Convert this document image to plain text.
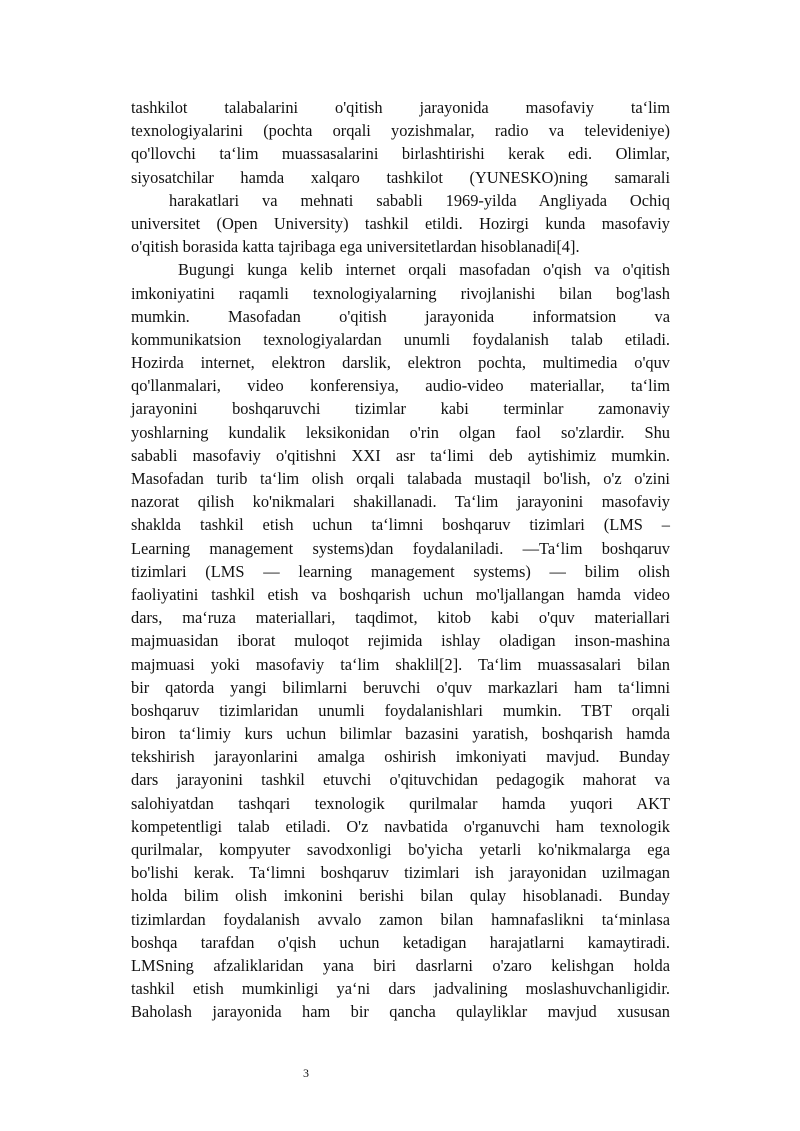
tashkilot talabalarini o'qitish jarayonida masofaviy ta‘lim
texnologiyalarini (pochta orqali yozishmalar, radio va televideniye)
qo'llovchi ta‘lim muassasalarini birlashtirishi kerak edi. Olimlar,
siyosatchilar hamda xalqaro tashkilot (YUNESKO)ning samarali
harakatlari va mehnati sababli 1969-yilda Angliyada Ochiq
universitet (Open University) tashkil etildi. Hozirgi kunda masofaviy
o'qitish borasida katta tajribaga ega universitetlardan hisoblanadi[4].
Bugungi kunga kelib internet orqali masofadan o'qish va o'qitish
imkoniyatini raqamli texnologiyalarning rivojlanishi bilan bog'lash
mumkin. Masofadan o'qitish jarayonida informatsion va
kommunikatsion texnologiyalardan unumli foydalanish talab etiladi.
Hozirda internet, elektron darslik, elektron pochta, multimedia o'quv
qo'llanmalari, video konferensiya, audio-video materiallar, ta‘lim
jarayonini boshqaruvchi tizimlar kabi terminlar zamonaviy
yoshlarning kundalik leksikonidan o'rin olgan faol so'zlardir. Shu
sababli masofaviy o'qitishni XXI asr ta‘limi deb aytishimiz mumkin.
Masofadan turib ta‘lim olish orqali talabada mustaqil bo'lish, o'z o'zini
nazorat qilish ko'nikmalari shakillanadi. Ta‘lim jarayonini masofaviy
shaklda tashkil etish uchun ta‘limni boshqaruv tizimlari (LMS –
Learning management systems)dan foydalaniladi. ―Ta‘lim boshqaruv
tizimlari (LMS — learning management systems) — bilim olish
faoliyatini tashkil etish va boshqarish uchun mo'ljallangan hamda video
dars, ma‘ruza materiallari, taqdimot, kitob kabi o'quv materiallari
majmuasidan iborat muloqot rejimida ishlay oladigan inson-mashina
majmuasi yoki masofaviy ta‘lim shaklil[2]. Ta‘lim muassasalari bilan
bir qatorda yangi bilimlarni beruvchi o'quv markazlari ham ta‘limni
boshqaruv tizimlaridan unumli foydalanishlari mumkin. TBT orqali
biron ta‘limiy kurs uchun bilimlar bazasini yaratish, boshqarish hamda
tekshirish jarayonlarini amalga oshirish imkoniyati mavjud. Bunday
dars jarayonini tashkil etuvchi o'qituvchidan pedagogik mahorat va
salohiyatdan tashqari texnologik qurilmalar hamda yuqori AKT
kompetentligi talab etiladi. O'z navbatida o'rganuvchi ham texnologik
qurilmalar, kompyuter savodxonligi bo'yicha yetarli ko'nikmalarga ega
bo'lishi kerak. Ta‘limni boshqaruv tizimlari ish jarayonidan uzilmagan
holda bilim olish imkonini berishi bilan qulay hisoblanadi. Bunday
tizimlardan foydalanish avvalo zamon bilan hamnafaslikni ta‘minlasa
boshqa tarafdan o'qish uchun ketadigan harajatlarni kamaytiradi.
LMSning afzaliklaridan yana biri dasrlarni o'zaro kelishgan holda
tashkil etish mumkinligi ya‘ni dars jadvalining moslashuvchanligidir.
Baholash jarayonida ham bir qancha qulayliklar mavjud xususan
3
